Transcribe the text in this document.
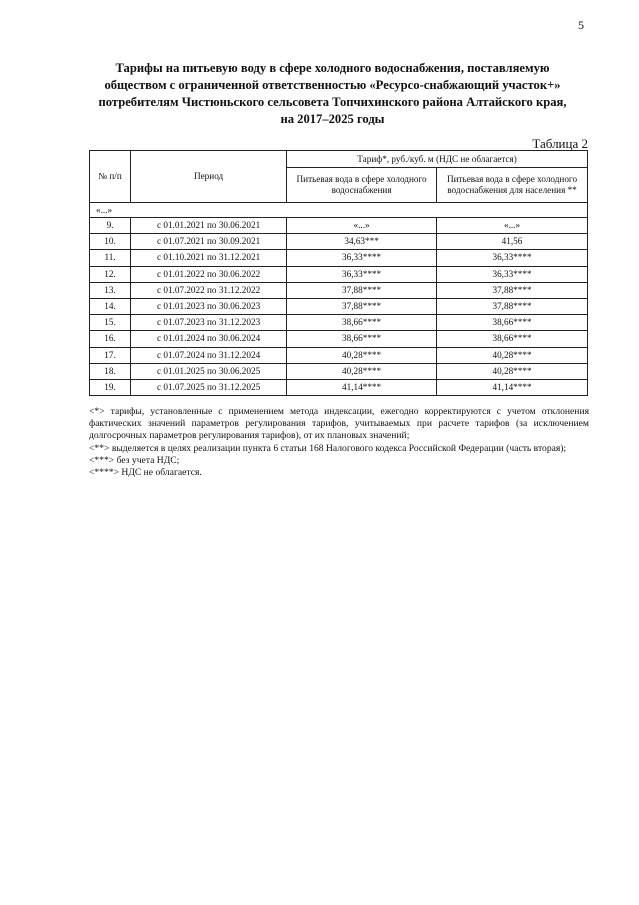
5
Тарифы на питьевую воду в сфере холодного водоснабжения, поставляемую
обществом с ограниченной ответственностью «Ресурсо-снабжающий участок+»
потребителям Чистюньского сельсовета Топчихинского района Алтайского края,
на 2017–2025 годы
Таблица 2
№ п/п	Период	Тариф*, руб./куб. м (НДС не облагается)	
		Питьевая вода в сфере холодного водоснабжения	Питьевая вода в сфере холодного водоснабжения для населения **
«...»			
9.	с 01.01.2021 по 30.06.2021	«...»	«...»
10.	с 01.07.2021 по 30.09.2021	34,63***	41,56
11.	с 01.10.2021 по 31.12.2021	36,33****	36,33****
12.	с 01.01.2022 по 30.06.2022	36,33****	36,33****
13.	с 01.07.2022 по 31.12.2022	37,88****	37,88****
14.	с 01.01.2023 по 30.06.2023	37,88****	37,88****
15.	с 01.07.2023 по 31.12.2023	38,66****	38,66****
16.	с 01.01.2024 по 30.06.2024	38,66****	38,66****
17.	с 01.07.2024 по 31.12.2024	40,28****	40,28****
18.	с 01.01.2025 по 30.06.2025	40,28****	40,28****
19.	с 01.07.2025 по 31.12.2025	41,14****	41,14****

<*> тарифы, установленные с применением метода индексации, ежегодно корректируются с учетом отклонения фактических значений параметров регулирования тарифов, учитываемых при расчете тарифов (за исключением долгосрочных параметров регулирования тарифов), от их плановых значений;

<**> выделяется в целях реализации пункта 6 статьи 168 Налогового кодекса Российской Федерации (часть вторая);

<***> без учета НДС;

<****> НДС не облагается.
